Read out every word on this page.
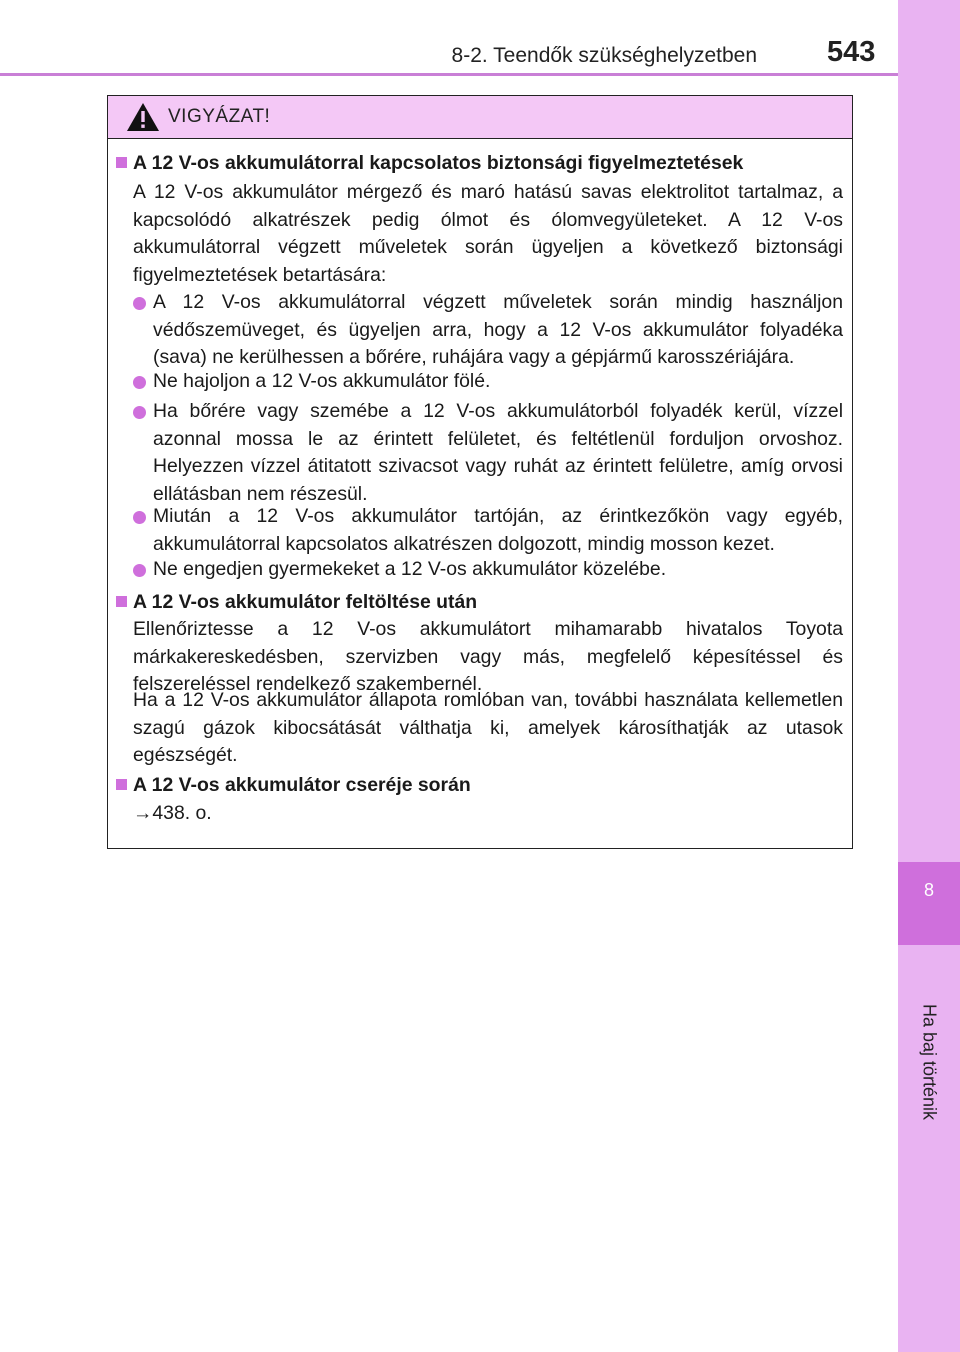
8-2. Teendők szükséghelyzetben 543
8
Ha baj történik
VIGYÁZAT!
A 12 V-os akkumulátorral kapcsolatos biztonsági figyelmeztetések
A 12 V-os akkumulátor mérgező és maró hatású savas elektrolitot tartalmaz, a kapcsolódó alkatrészek pedig ólmot és ólomvegyületeket. A 12 V-os akkumulátorral végzett műveletek során ügyeljen a következő biztonsági figyelmeztetések betartására:
A 12 V-os akkumulátorral végzett műveletek során mindig használjon védőszemüveget, és ügyeljen arra, hogy a 12 V-os akkumulátor folyadéka (sava) ne kerülhessen a bőrére, ruhájára vagy a gépjármű karosszériájára.
Ne hajoljon a 12 V-os akkumulátor fölé.
Ha bőrére vagy szemébe a 12 V-os akkumulátorból folyadék kerül, vízzel azonnal mossa le az érintett felületet, és feltétlenül forduljon orvoshoz. Helyezzen vízzel átitatott szivacsot vagy ruhát az érintett felületre, amíg orvosi ellátásban nem részesül.
Miután a 12 V-os akkumulátor tartóján, az érintkezőkön vagy egyéb, akkumulátorral kapcsolatos alkatrészen dolgozott, mindig mosson kezet.
Ne engedjen gyermekeket a 12 V-os akkumulátor közelébe.
A 12 V-os akkumulátor feltöltése után
Ellenőriztesse a 12 V-os akkumulátort mihamarabb hivatalos Toyota márkakereskedésben, szervizben vagy más, megfelelő képesítéssel és felszereléssel rendelkező szakembernél.
Ha a 12 V-os akkumulátor állapota romlóban van, további használata kellemetlen szagú gázok kibocsátását válthatja ki, amelyek károsíthatják az utasok egészségét.
A 12 V-os akkumulátor cseréje során
→438. o.
